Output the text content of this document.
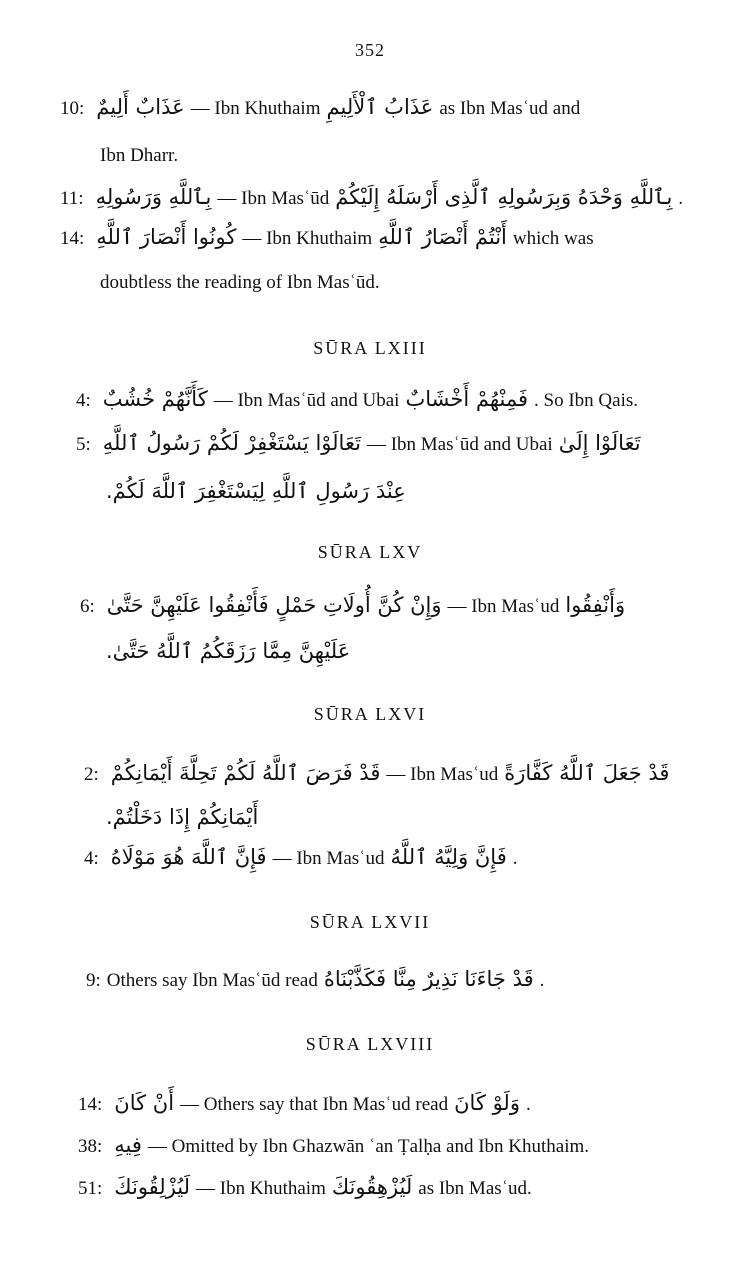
352
10: عَذَابٌ أَلِيمٌ — Ibn Khuthaim عَذَابُ ٱلْأَلِيمِ as Ibn Masʿud and
Ibn Dharr.
11: بِٱللَّهِ وَرَسُولِهِ — Ibn Masʿūd بِٱللَّهِ وَحْدَهُ وَبِرَسُولِهِ ٱلَّذِى أَرْسَلَهُ إِلَيْكُمْ .
14: كُونُوا أَنْصَارَ ٱللَّهِ — Ibn Khuthaim أَنْتُمْ أَنْصَارُ ٱللَّهِ which was
doubtless the reading of Ibn Masʿūd.
SŪRA LXIII
4: كَأَنَّهُمْ خُشُبٌ — Ibn Masʿūd and Ubai فَمِنْهُمْ أَخْشَابٌ . So Ibn Qais.
5: تَعَالَوْا يَسْتَغْفِرْ لَكُمْ رَسُولُ ٱللَّهِ — Ibn Masʿūd and Ubai تَعَالَوْا إِلَىٰ
عِنْدَ رَسُولِ ٱللَّهِ لِيَسْتَغْفِرَ ٱللَّهَ لَكُمْ.
SŪRA LXV
6: وَإِنْ كُنَّ أُولَاتِ حَمْلٍ فَأَنْفِقُوا عَلَيْهِنَّ حَتَّىٰ — Ibn Masʿud وَأَنْفِقُوا
عَلَيْهِنَّ مِمَّا رَزَقَكُمُ ٱللَّهُ حَتَّىٰ.
SŪRA LXVI
2: قَدْ فَرَضَ ٱللَّهُ لَكُمْ تَحِلَّةَ أَيْمَانِكُمْ — Ibn Masʿud قَدْ جَعَلَ ٱللَّهُ كَفَّارَةً
أَيْمَانِكُمْ إِذَا دَخَلْتُمْ.
4: فَإِنَّ ٱللَّهَ هُوَ مَوْلَاهُ — Ibn Masʿud فَإِنَّ وَلِيَّهُ ٱللَّهُ .
SŪRA LXVII
9: Others say Ibn Masʿūd read قَدْ جَاءَنَا نَذِيرٌ مِنَّا فَكَذَّبْنَاهُ .
SŪRA LXVIII
14: أَنْ كَانَ — Others say that Ibn Masʿud read وَلَوْ كَانَ .
38: فِيهِ — Omitted by Ibn Ghazwān ʿan Ṭalḥa and Ibn Khuthaim.
51: لَيُزْلِقُونَكَ — Ibn Khuthaim لَيُزْهِقُونَكَ as Ibn Masʿud.
